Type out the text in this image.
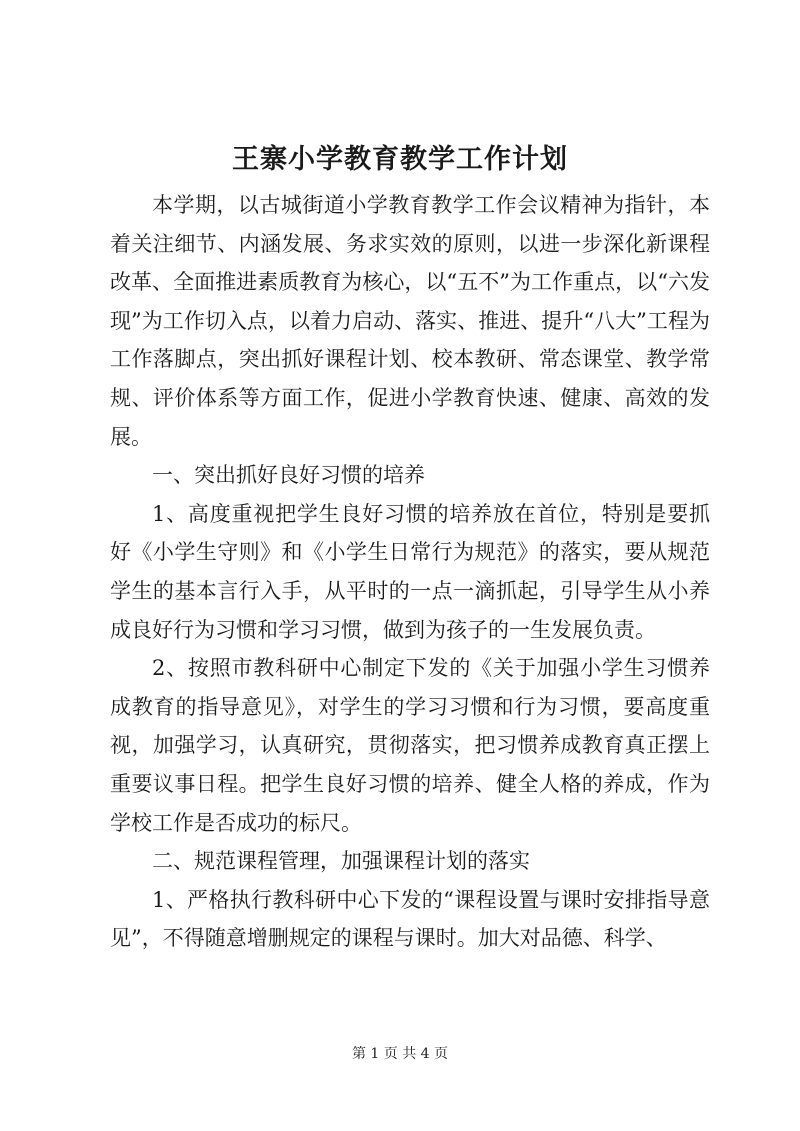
王寨小学教育教学工作计划

本学期，以古城街道小学教育教学工作会议精神为指针，本着关注细节、内涵发展、务求实效的原则，以进一步深化新课程改革、全面推进素质教育为核心，以“五不”为工作重点，以“六发现”为工作切入点，以着力启动、落实、推进、提升“八大”工程为工作落脚点，突出抓好课程计划、校本教研、常态课堂、教学常规、评价体系等方面工作，促进小学教育快速、健康、高效的发展。

一、突出抓好良好习惯的培养

1、高度重视把学生良好习惯的培养放在首位，特别是要抓好《小学生守则》和《小学生日常行为规范》的落实，要从规范学生的基本言行入手，从平时的一点一滴抓起，引导学生从小养成良好行为习惯和学习习惯，做到为孩子的一生发展负责。

2、按照市教科研中心制定下发的《关于加强小学生习惯养成教育的指导意见》，对学生的学习习惯和行为习惯，要高度重视，加强学习，认真研究，贯彻落实，把习惯养成教育真正摆上重要议事日程。把学生良好习惯的培养、健全人格的养成，作为学校工作是否成功的标尺。

二、规范课程管理，加强课程计划的落实

1、严格执行教科研中心下发的“课程设置与课时安排指导意见”，不得随意增删规定的课程与课时。加大对品德、科学、

第 1 页 共 4 页
